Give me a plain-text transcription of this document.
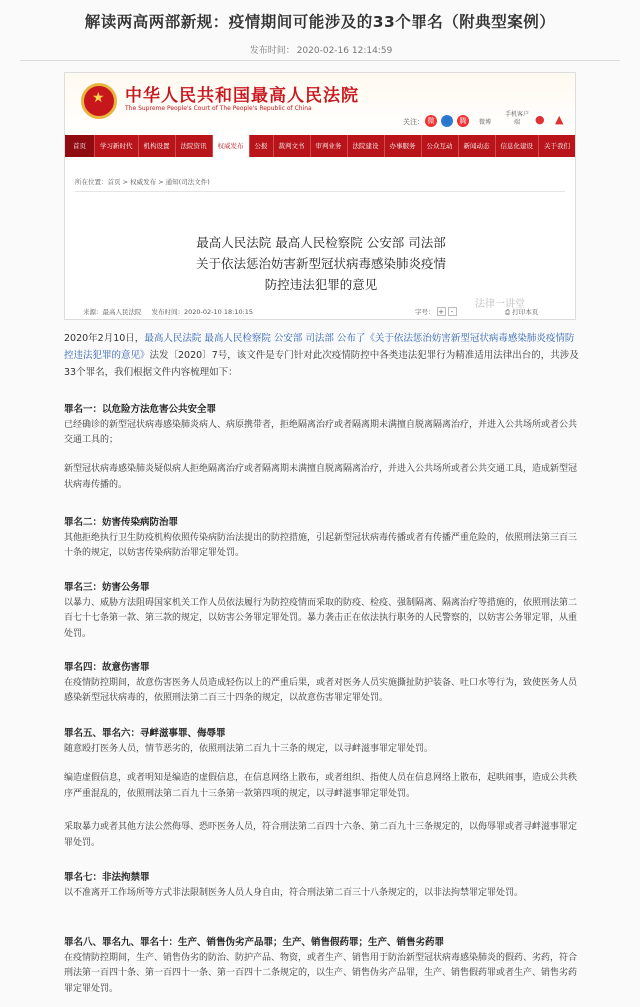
解读两高两部新规：疫情期间可能涉及的33个罪名（附典型案例）
发布时间： 2020-02-16 12:14:59
★
中华人民共和国最高人民法院
The Supreme People's Court of The People's Republic of China
关注： 微	信	腾	微博
手机客户端	● ▲
首页	学习新时代	机构设置	法院资讯	权威发布	公报	裁判文书	审判业务	法院建设	办事服务	公众互动	新闻动态	信息化建设	关于我们
所在位置：首页 > 权威发布 > 通知(司法文件)
最高人民法院 最高人民检察院 公安部 司法部
关于依法惩治妨害新型冠状病毒感染肺炎疫情
防控违法犯罪的意见
来源：最高人民法院 发布时间：2020-02-10 18:10:15	字号： + -
法律一讲堂
⎙ 打印本页
2020年2月10日，最高人民法院 最高人民检察院 公安部 司法部 公布了《关于依法惩治妨害新型冠状病毒感染肺炎疫情防控违法犯罪的意见》法发〔2020〕7号，该文件是专门针对此次疫情防控中各类违法犯罪行为精准适用法律出台的，共涉及33个罪名，我们根据文件内容梳理如下：
罪名一：以危险方法危害公共安全罪
已经确诊的新型冠状病毒感染肺炎病人、病原携带者，拒绝隔离治疗或者隔离期未满擅自脱离隔离治疗，并进入公共场所或者公共交通工具的；
新型冠状病毒感染肺炎疑似病人拒绝隔离治疗或者隔离期未满擅自脱离隔离治疗，并进入公共场所或者公共交通工具，造成新型冠状病毒传播的。
罪名二：妨害传染病防治罪
其他拒绝执行卫生防疫机构依照传染病防治法提出的防控措施，引起新型冠状病毒传播或者有传播严重危险的，依照刑法第三百三十条的规定，以妨害传染病防治罪定罪处罚。
罪名三：妨害公务罪
以暴力、威胁方法阻碍国家机关工作人员依法履行为防控疫情而采取的防疫、检疫、强制隔离、隔离治疗等措施的，依照刑法第二百七十七条第一款、第三款的规定，以妨害公务罪定罪处罚。暴力袭击正在依法执行职务的人民警察的，以妨害公务罪定罪，从重处罚。
罪名四：故意伤害罪
在疫情防控期间，故意伤害医务人员造成轻伤以上的严重后果，或者对医务人员实施撕扯防护装备、吐口水等行为，致使医务人员感染新型冠状病毒的，依照刑法第二百三十四条的规定，以故意伤害罪定罪处罚。
罪名五、罪名六：寻衅滋事罪、侮辱罪
随意殴打医务人员，情节恶劣的，依照刑法第二百九十三条的规定，以寻衅滋事罪定罪处罚。
编造虚假信息，或者明知是编造的虚假信息，在信息网络上散布，或者组织、指使人员在信息网络上散布，起哄闹事，造成公共秩序严重混乱的，依照刑法第二百九十三条第一款第四项的规定，以寻衅滋事罪定罪处罚。
采取暴力或者其他方法公然侮辱、恐吓医务人员，符合刑法第二百四十六条、第二百九十三条规定的，以侮辱罪或者寻衅滋事罪定罪处罚。
罪名七：非法拘禁罪
以不准离开工作场所等方式非法限制医务人员人身自由，符合刑法第二百三十八条规定的，以非法拘禁罪定罪处罚。
罪名八、罪名九、罪名十：生产、销售伪劣产品罪；生产、销售假药罪；生产、销售劣药罪
在疫情防控期间，生产、销售伪劣的防治、防护产品、物资，或者生产、销售用于防治新型冠状病毒感染肺炎的假药、劣药，符合刑法第一百四十条、第一百四十一条、第一百四十二条规定的，以生产、销售伪劣产品罪，生产、销售假药罪或者生产、销售劣药罪定罪处罚。
